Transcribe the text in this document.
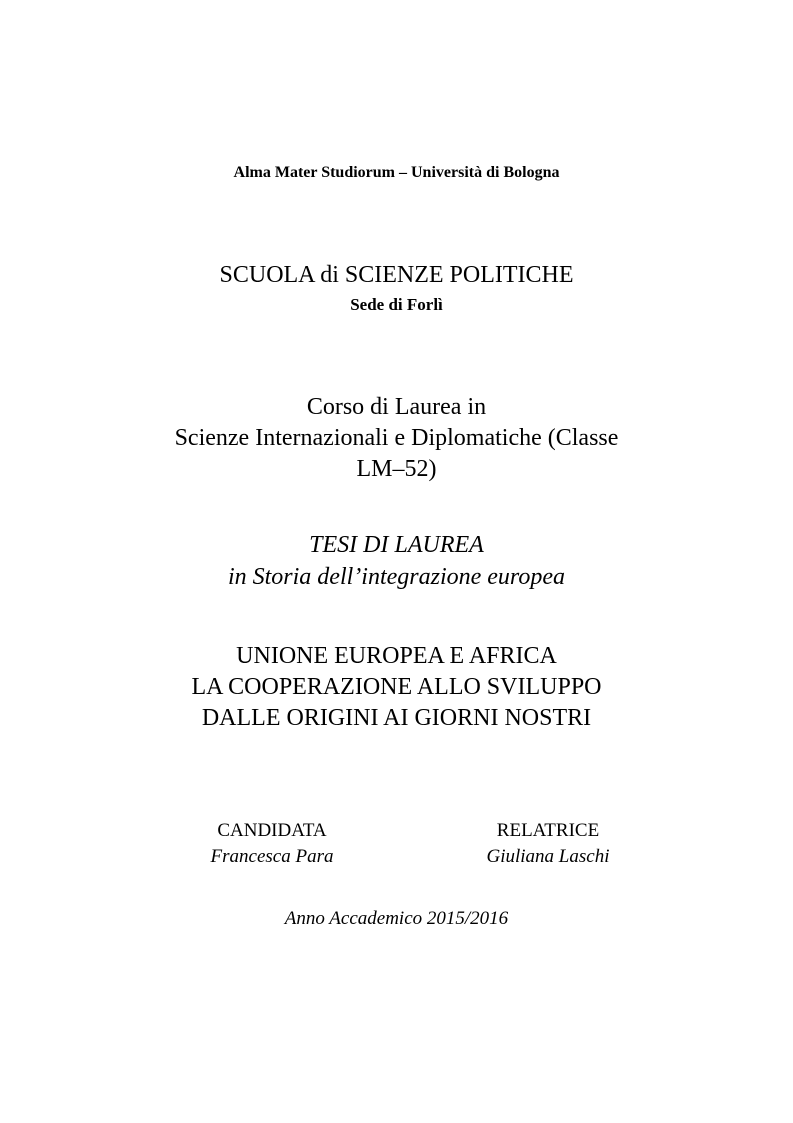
Alma Mater Studiorum – Università di Bologna
SCUOLA di SCIENZE POLITICHE
Sede di Forlì
Corso di Laurea in
Scienze Internazionali e Diplomatiche (Classe
LM–52)
TESI DI LAUREA
in Storia dell’integrazione europea
UNIONE EUROPEA E AFRICA
LA COOPERAZIONE ALLO SVILUPPO
DALLE ORIGINI AI GIORNI NOSTRI
CANDIDATA
Francesca Para
RELATRICE
Giuliana Laschi
Anno Accademico 2015/2016
